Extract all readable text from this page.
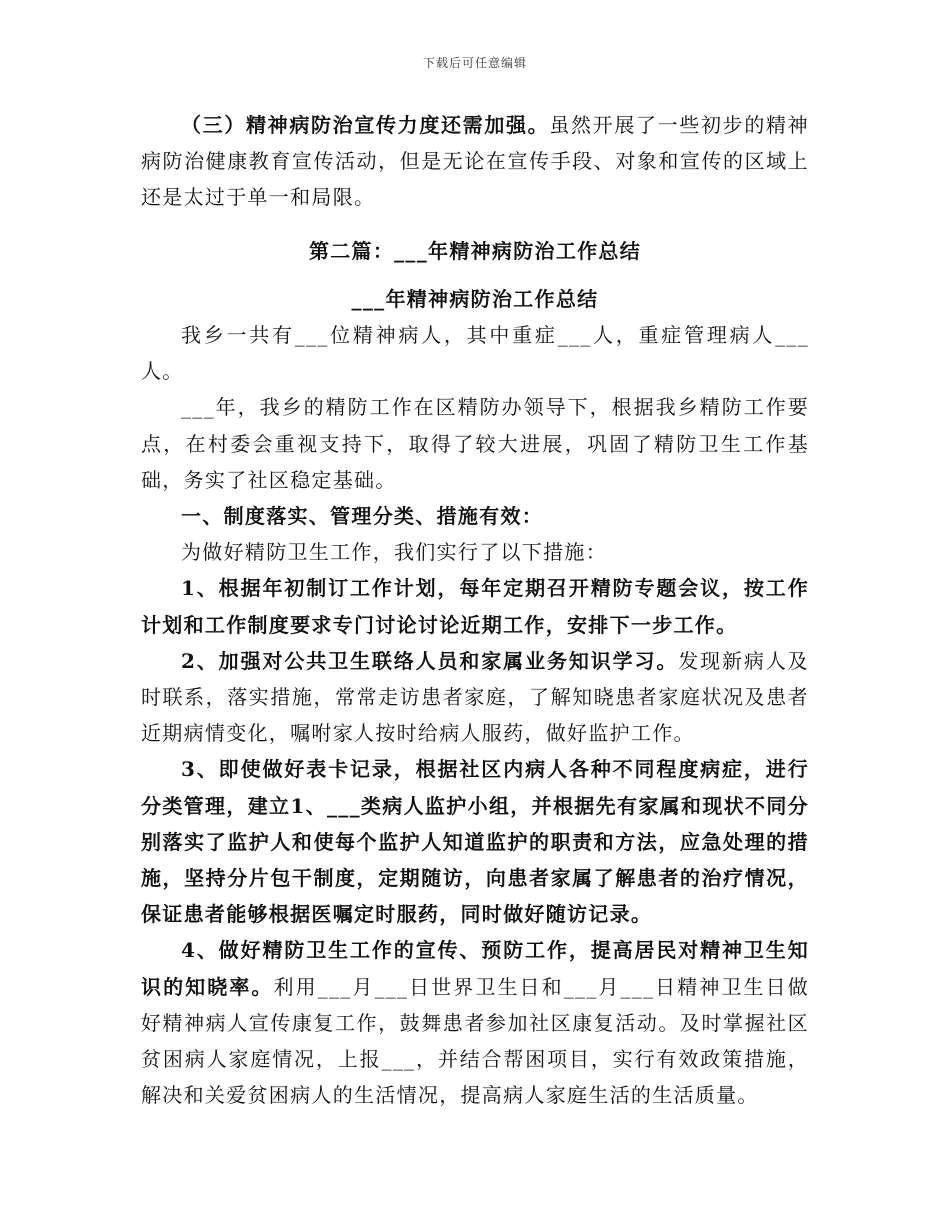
下载后可任意编辑

（三）精神病防治宣传力度还需加强。虽然开展了一些初步的精神病防治健康教育宣传活动，但是无论在宣传手段、对象和宣传的区域上还是太过于单一和局限。

第二篇：___年精神病防治工作总结

___年精神病防治工作总结

我乡一共有___位精神病人，其中重症___人，重症管理病人___人。

___年，我乡的精防工作在区精防办领导下，根据我乡精防工作要点，在村委会重视支持下，取得了较大进展，巩固了精防卫生工作基础，务实了社区稳定基础。

一、制度落实、管理分类、措施有效：

为做好精防卫生工作，我们实行了以下措施：

1、根据年初制订工作计划，每年定期召开精防专题会议，按工作计划和工作制度要求专门讨论讨论近期工作，安排下一步工作。

2、加强对公共卫生联络人员和家属业务知识学习。发现新病人及时联系，落实措施，常常走访患者家庭，了解知晓患者家庭状况及患者近期病情变化，嘱咐家人按时给病人服药，做好监护工作。

3、即使做好表卡记录，根据社区内病人各种不同程度病症，进行分类管理，建立1、___类病人监护小组，并根据先有家属和现状不同分别落实了监护人和使每个监护人知道监护的职责和方法，应急处理的措施，坚持分片包干制度，定期随访，向患者家属了解患者的治疗情况，保证患者能够根据医嘱定时服药，同时做好随访记录。

4、做好精防卫生工作的宣传、预防工作，提高居民对精神卫生知识的知晓率。利用___月___日世界卫生日和___月___日精神卫生日做好精神病人宣传康复工作，鼓舞患者参加社区康复活动。及时掌握社区贫困病人家庭情况，上报___，并结合帮困项目，实行有效政策措施，解决和关爱贫困病人的生活情况，提高病人家庭生活的生活质量。
